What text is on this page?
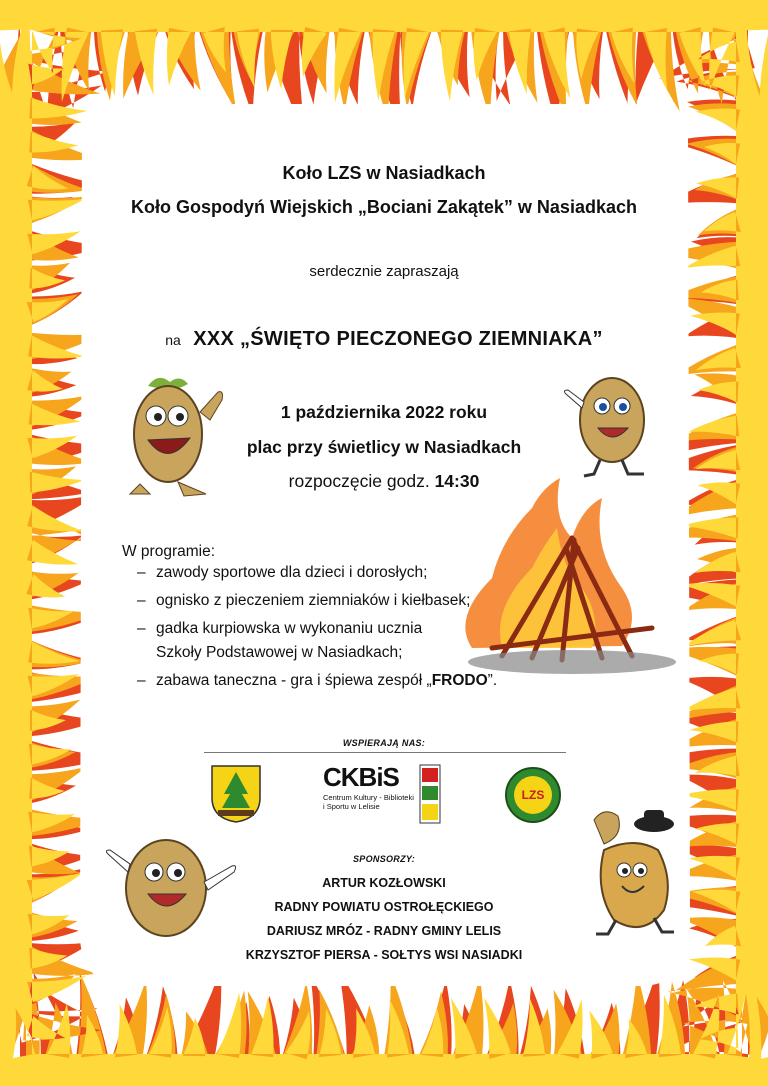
Koło LZS w Nasiadkach
Koło Gospodyń Wiejskich „Bociani Zakątek” w Nasiadkach
serdecznie zapraszają
na XXX „ŚWIĘTO PIECZONEGO ZIEMNIAKA”
1 października 2022 roku
plac przy świetlicy w Nasiadkach
rozpoczęcie godz. 14:30
W programie:
– zawody sportowe dla dzieci i dorosłych;
– ognisko z pieczeniem ziemniaków i kiełbasek;
– gadka kurpiowska w wykonaniu ucznia
Szkoły Podstawowej w Nasiadkach;
– zabawa taneczna - gra i śpiewa zespół „FRODO”.
WSPIERAJĄ NAS:
CKBiS
Centrum Kultury - Biblioteki
i Sportu w Lelisie
LZS
SPONSORZY:
ARTUR KOZŁOWSKI
RADNY POWIATU OSTROŁĘCKIEGO
DARIUSZ MRÓZ - RADNY GMINY LELIS
KRZYSZTOF PIERSA - SOŁTYS WSI NASIADKI
